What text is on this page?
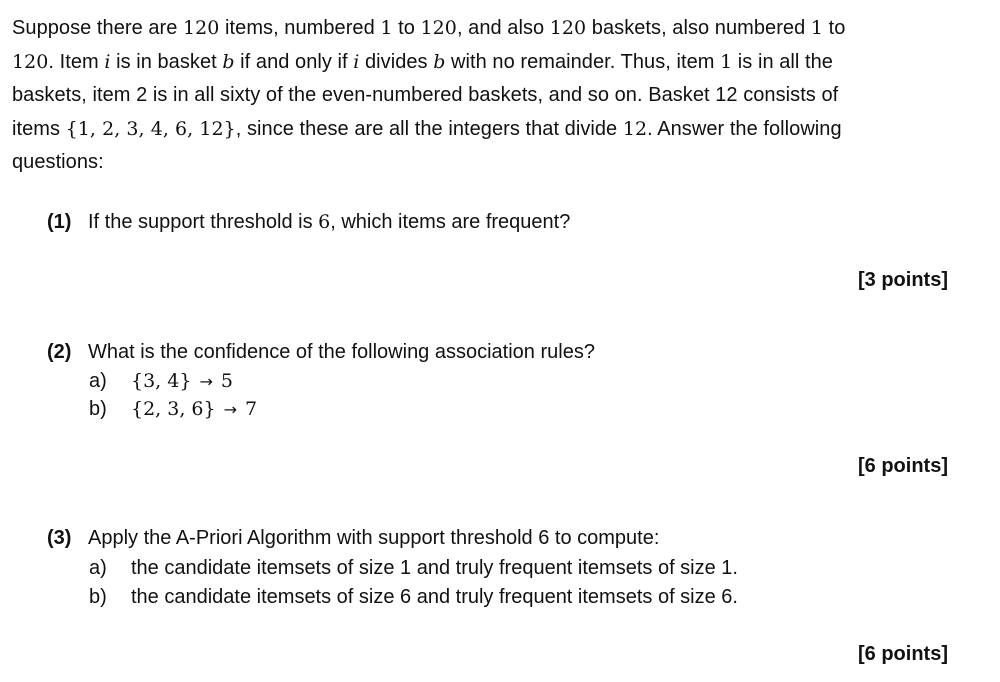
Suppose there are 120 items, numbered 1 to 120, and also 120 baskets, also numbered 1 to
120. Item i is in basket b if and only if i divides b with no remainder. Thus, item 1 is in all the
baskets, item 2 is in all sixty of the even-numbered baskets, and so on. Basket 12 consists of
items {1, 2, 3, 4, 6, 12}, since these are all the integers that divide 12. Answer the following
questions:
(1) If the support threshold is 6, which items are frequent?
[3 points]
(2) What is the confidence of the following association rules?
a) {3, 4} → 5
b) {2, 3, 6} → 7
[6 points]
(3) Apply the A-Priori Algorithm with support threshold 6 to compute:
a) the candidate itemsets of size 1 and truly frequent itemsets of size 1.
b) the candidate itemsets of size 6 and truly frequent itemsets of size 6.
[6 points]
